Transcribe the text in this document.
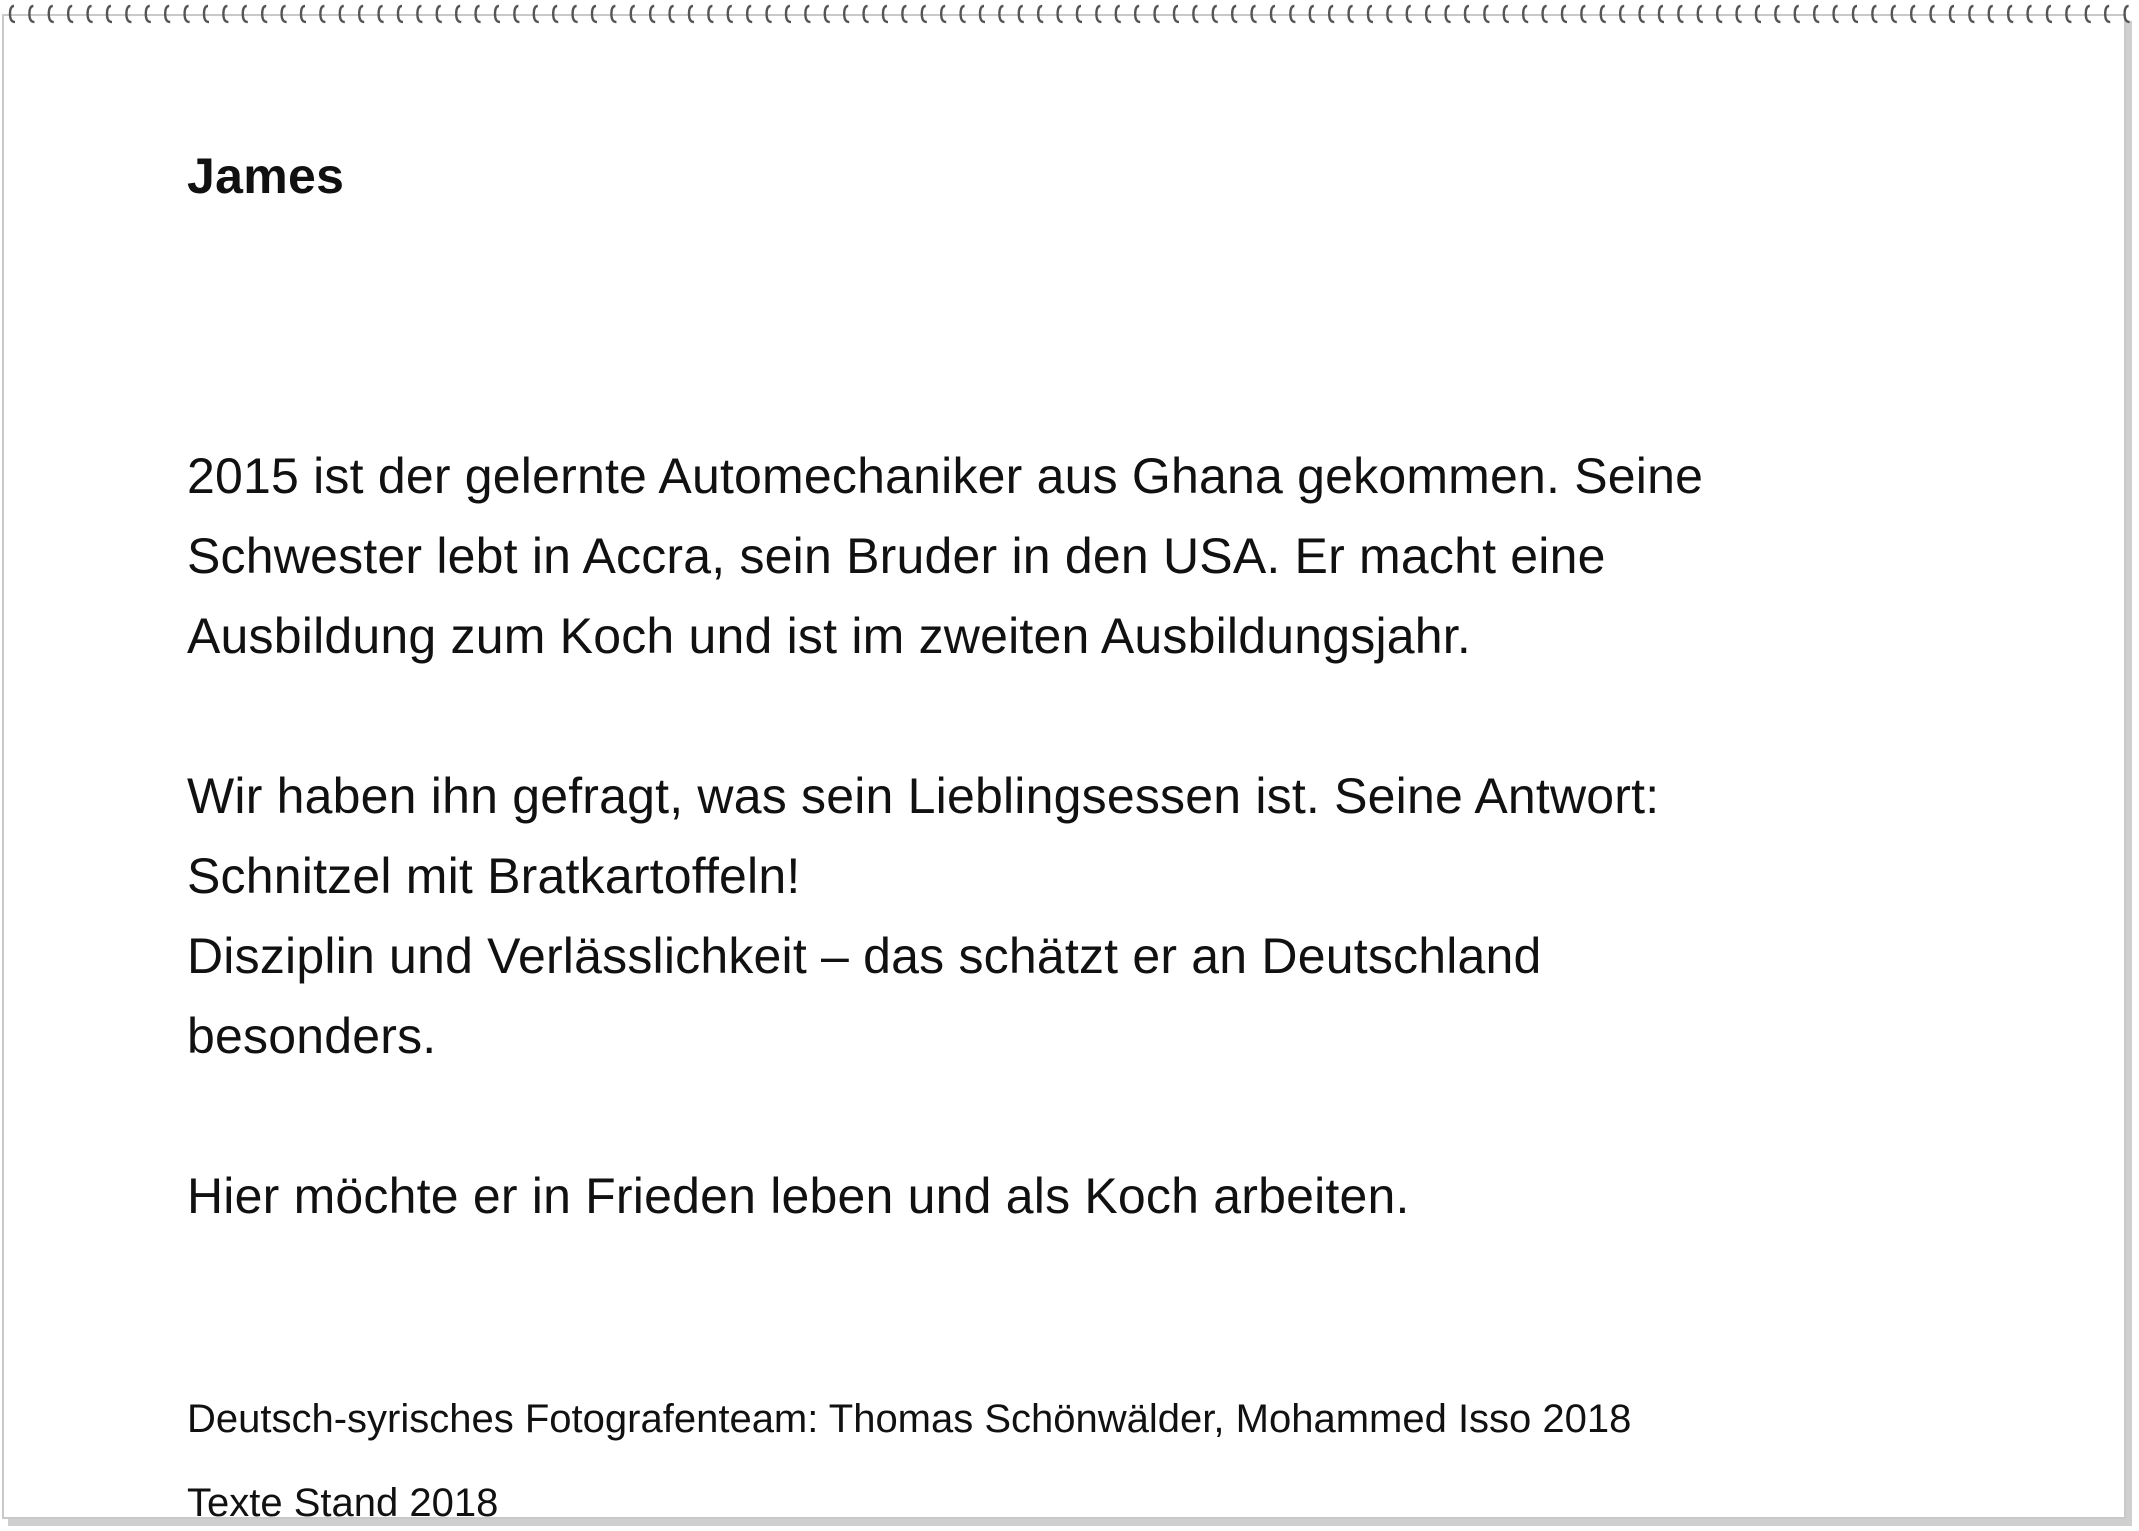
James

2015 ist der gelernte Automechaniker aus Ghana gekommen. Seine
Schwester lebt in Accra, sein Bruder in den USA. Er macht eine
Ausbildung zum Koch und ist im zweiten Ausbildungsjahr.

Wir haben ihn gefragt, was sein Lieblingsessen ist. Seine Antwort:
Schnitzel mit Bratkartoffeln!
Disziplin und Verlässlichkeit – das schätzt er an Deutschland
besonders.

Hier möchte er in Frieden leben und als Koch arbeiten.

Deutsch-syrisches Fotografenteam: Thomas Schönwälder, Mohammed Isso 2018

Texte Stand 2018
